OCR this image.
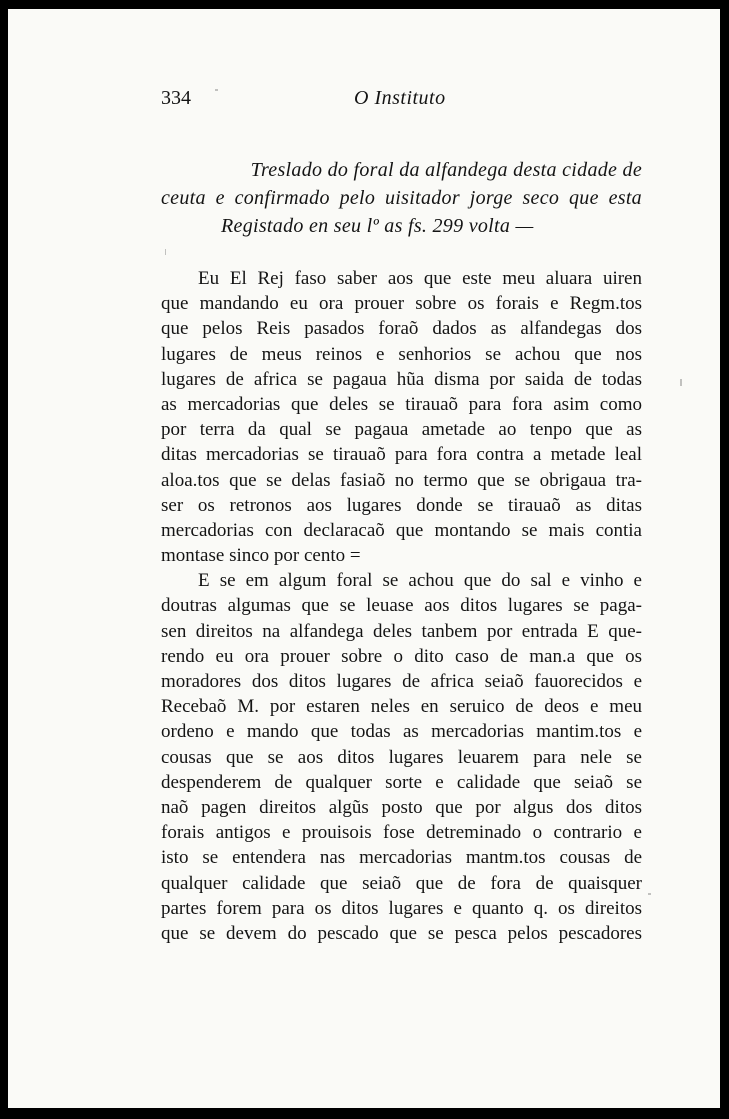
334	O Instituto

Treslado do foral da alfandega desta cidade de
ceuta e confirmado pelo uisitador jorge seco que esta
Registado en seu lº as fs. 299 volta —
Eu El Rej faso saber aos que este meu aluara uiren
que mandando eu ora prouer sobre os forais e Regm.tos
que pelos Reis pasados foraõ dados as alfandegas dos
lugares de meus reinos e senhorios se achou que nos
lugares de africa se pagaua hũa disma por saida de todas
as mercadorias que deles se tirauaõ para fora asim como
por terra da qual se pagaua ametade ao tenpo que as
ditas mercadorias se tirauaõ para fora contra a metade leal
aloa.tos que se delas fasiaõ no termo que se obrigaua tra-
ser os retronos aos lugares donde se tirauaõ as ditas
mercadorias con declaracaõ que montando se mais contia
montase sinco por cento =
E se em algum foral se achou que do sal e vinho e
doutras algumas que se leuase aos ditos lugares se paga-
sen direitos na alfandega deles tanbem por entrada E que-
rendo eu ora prouer sobre o dito caso de man.a que os
moradores dos ditos lugares de africa seiaõ fauorecidos e
Recebaõ M. por estaren neles en seruico de deos e meu
ordeno e mando que todas as mercadorias mantim.tos e
cousas que se aos ditos lugares leuarem para nele se
despenderem de qualquer sorte e calidade que seiaõ se
naõ pagen direitos algũs posto que por algus dos ditos
forais antigos e prouisois fose detreminado o contrario e
isto se entendera nas mercadorias mantm.tos cousas de
qualquer calidade que seiaõ que de fora de quaisquer
partes forem para os ditos lugares e quanto q. os direitos
que se devem do pescado que se pesca pelos pescadores
